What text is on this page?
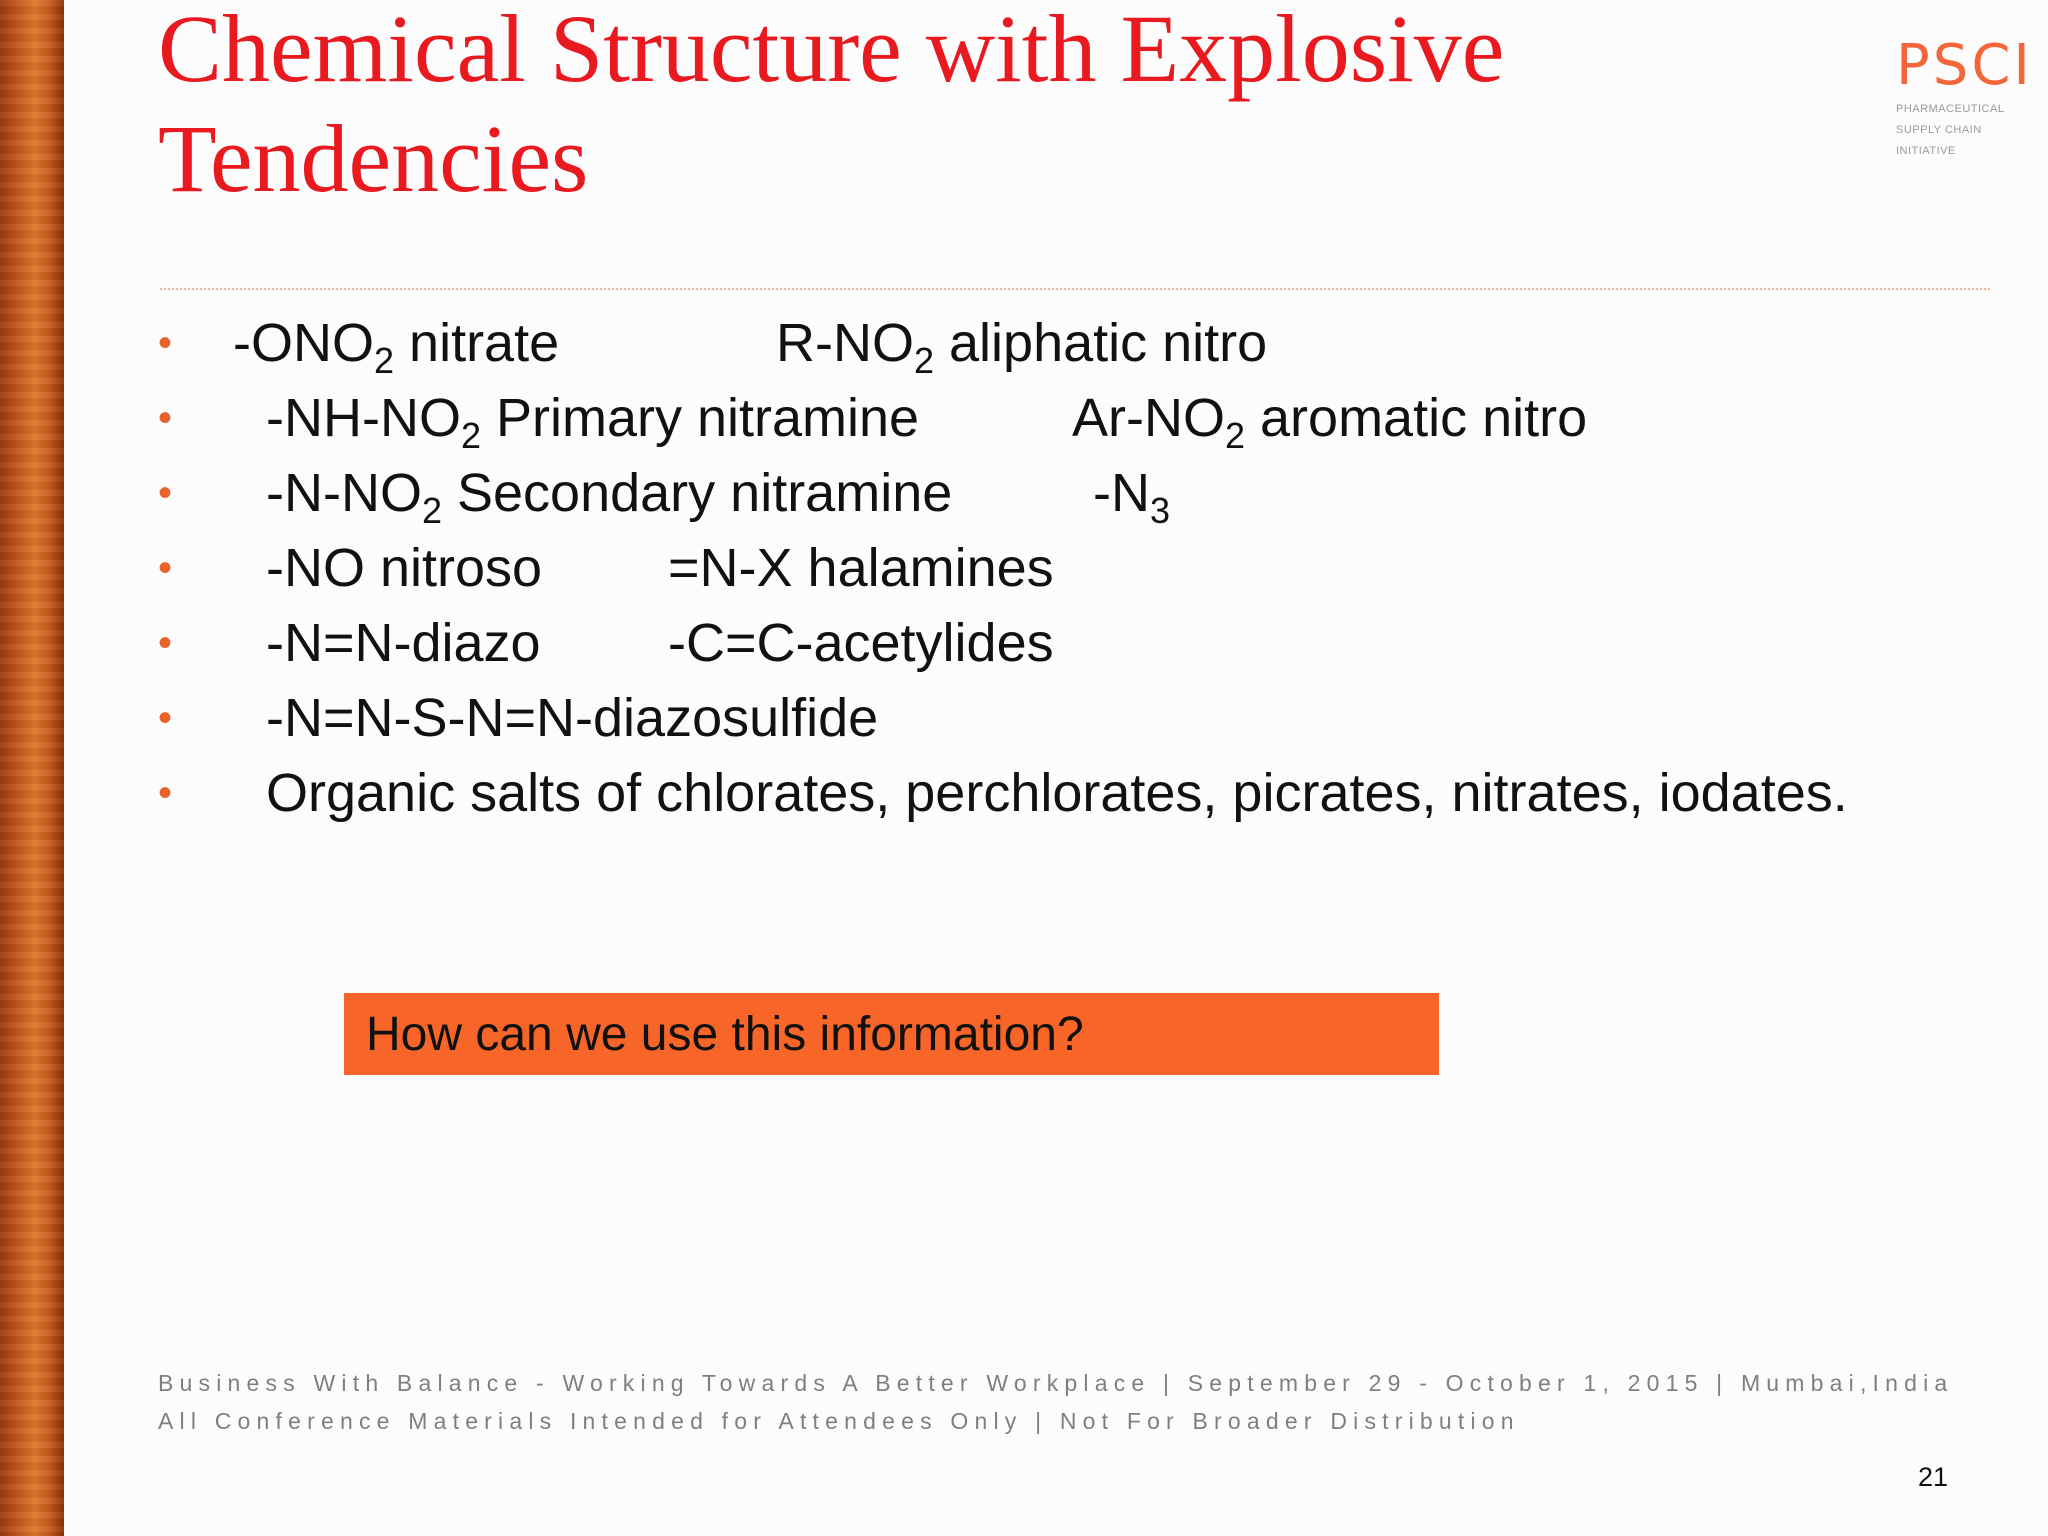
Chemical Structure with Explosive
Tendencies
PSCI
PHARMACEUTICAL
SUPPLY CHAIN
INITIATIVE
• $-ONO_2$ nitrate	$R-NO_2$ aliphatic nitro
• $-NH-NO_2$ Primary nitramine	$Ar-NO_2$ aromatic nitro
• $-N-NO_2$ Secondary nitramine	$-N_3$
• -NO nitroso =N-X halamines
• -N=N-diazo -C=C-acetylides
• -N=N-S-N=N-diazosulfide
• Organic salts of chlorates, perchlorates, picrates, nitrates, iodates.
How can we use this information?
Business With Balance - Working Towards A Better Workplace | September 29 - October 1, 2015 | Mumbai,India
All Conference Materials Intended for Attendees Only | Not For Broader Distribution
21
